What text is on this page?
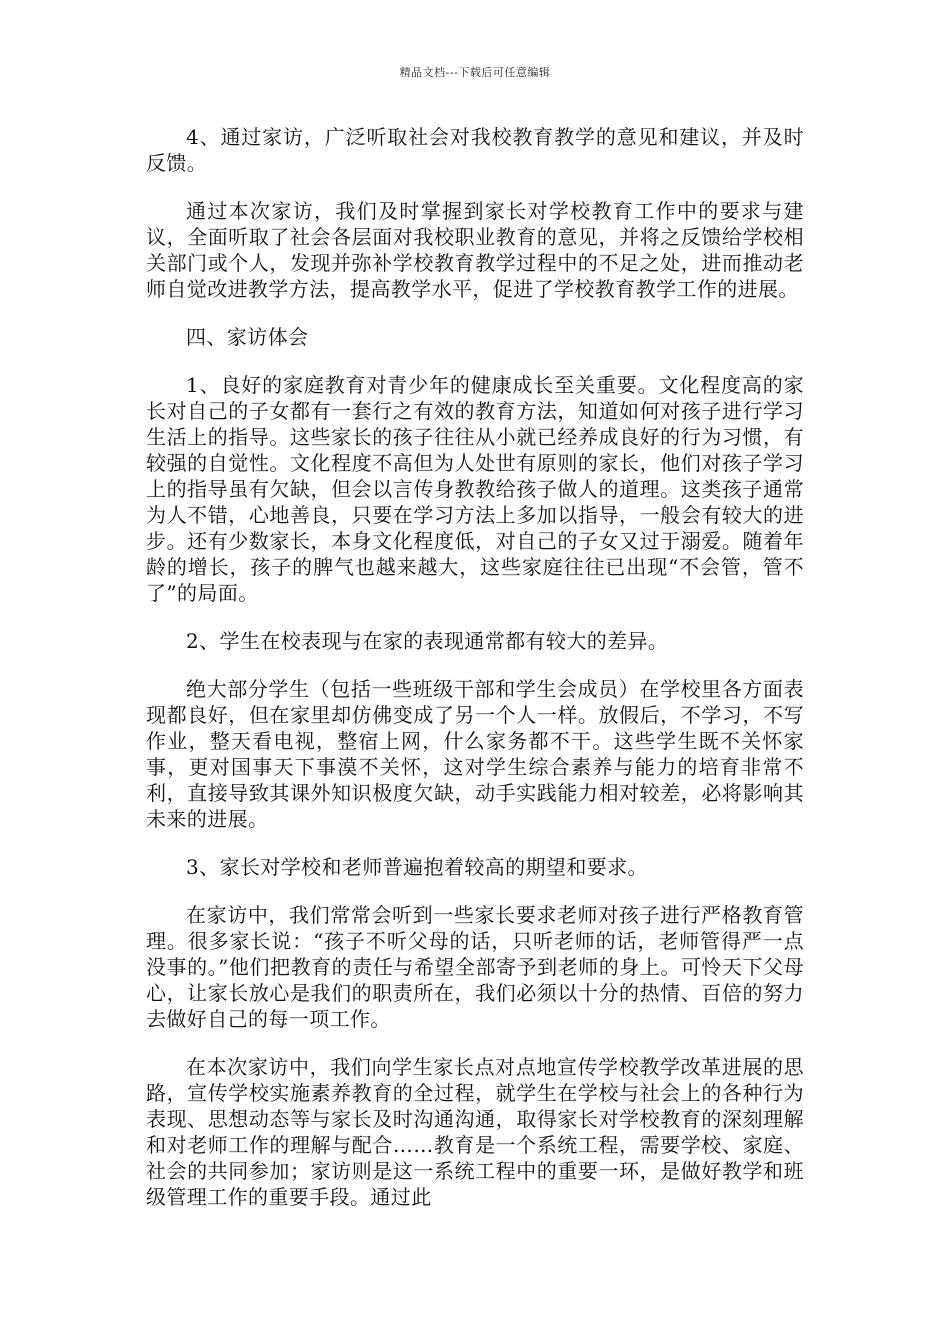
精品文档---下载后可任意编辑

4、通过家访，广泛听取社会对我校教育教学的意见和建议，并及时反馈。

通过本次家访，我们及时掌握到家长对学校教育工作中的要求与建议，全面听取了社会各层面对我校职业教育的意见，并将之反馈给学校相关部门或个人，发现并弥补学校教育教学过程中的不足之处，进而推动老师自觉改进教学方法，提高教学水平，促进了学校教育教学工作的进展。

四、家访体会

1、良好的家庭教育对青少年的健康成长至关重要。文化程度高的家长对自己的子女都有一套行之有效的教育方法，知道如何对孩子进行学习生活上的指导。这些家长的孩子往往从小就已经养成良好的行为习惯，有较强的自觉性。文化程度不高但为人处世有原则的家长，他们对孩子学习上的指导虽有欠缺，但会以言传身教教给孩子做人的道理。这类孩子通常为人不错，心地善良，只要在学习方法上多加以指导，一般会有较大的进步。还有少数家长，本身文化程度低，对自己的子女又过于溺爱。随着年龄的增长，孩子的脾气也越来越大，这些家庭往往已出现“不会管，管不了”的局面。

2、学生在校表现与在家的表现通常都有较大的差异。

绝大部分学生（包括一些班级干部和学生会成员）在学校里各方面表现都良好，但在家里却仿佛变成了另一个人一样。放假后，不学习，不写作业，整天看电视，整宿上网，什么家务都不干。这些学生既不关怀家事，更对国事天下事漠不关怀，这对学生综合素养与能力的培育非常不利，直接导致其课外知识极度欠缺，动手实践能力相对较差，必将影响其未来的进展。

3、家长对学校和老师普遍抱着较高的期望和要求。

在家访中，我们常常会听到一些家长要求老师对孩子进行严格教育管理。很多家长说：“孩子不听父母的话，只听老师的话，老师管得严一点没事的。”他们把教育的责任与希望全部寄予到老师的身上。可怜天下父母心，让家长放心是我们的职责所在，我们必须以十分的热情、百倍的努力去做好自己的每一项工作。

在本次家访中，我们向学生家长点对点地宣传学校教学改革进展的思路，宣传学校实施素养教育的全过程，就学生在学校与社会上的各种行为表现、思想动态等与家长及时沟通沟通，取得家长对学校教育的深刻理解和对老师工作的理解与配合……教育是一个系统工程，需要学校、家庭、社会的共同参加；家访则是这一系统工程中的重要一环，是做好教学和班级管理工作的重要手段。通过此
